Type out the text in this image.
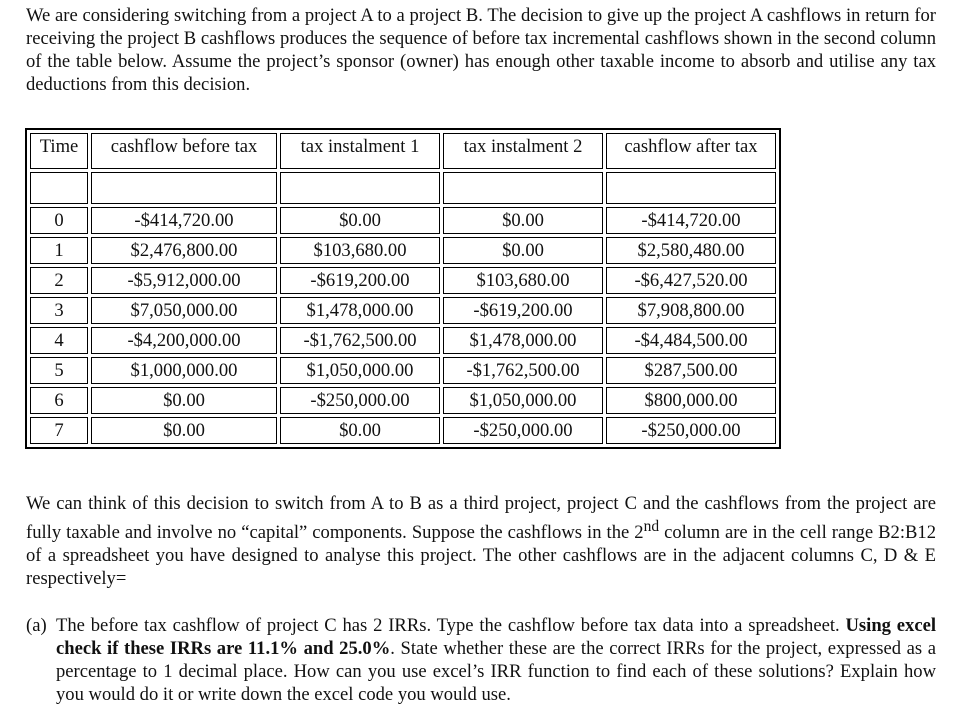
We are considering switching from a project A to a project B. The decision to give up the project A cashflows in return for receiving the project B cashflows produces the sequence of before tax incremental cashflows shown in the second column of the table below. Assume the project’s sponsor (owner) has enough other taxable income to absorb and utilise any tax deductions from this decision.

Time	cashflow before tax	tax instalment 1	tax instalment 2	cashflow after tax

0	-$414,720.00	$0.00	$0.00	-$414,720.00
1	$2,476,800.00	$103,680.00	$0.00	$2,580,480.00
2	-$5,912,000.00	-$619,200.00	$103,680.00	-$6,427,520.00
3	$7,050,000.00	$1,478,000.00	-$619,200.00	$7,908,800.00
4	-$4,200,000.00	-$1,762,500.00	$1,478,000.00	-$4,484,500.00
5	$1,000,000.00	$1,050,000.00	-$1,762,500.00	$287,500.00
6	$0.00	-$250,000.00	$1,050,000.00	$800,000.00
7	$0.00	$0.00	-$250,000.00	-$250,000.00

We can think of this decision to switch from A to B as a third project, project C and the cashflows from the project are fully taxable and involve no “capital” components. Suppose the cashflows in the 2nd column are in the cell range B2:B12 of a spreadsheet you have designed to analyse this project. The other cashflows are in the adjacent columns C, D & E respectively=

(a) The before tax cashflow of project C has 2 IRRs. Type the cashflow before tax data into a spreadsheet. Using excel check if these IRRs are 11.1% and 25.0%. State whether these are the correct IRRs for the project, expressed as a percentage to 1 decimal place. How can you use excel’s IRR function to find each of these solutions? Explain how you would do it or write down the excel code you would use.
